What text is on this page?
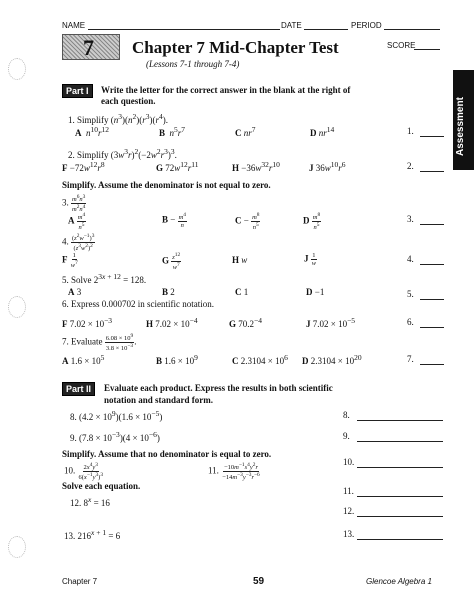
NAME	DATE	PERIOD
7 Chapter 7 Mid-Chapter Test
(Lessons 7-1 through 7-4)
SCORE
Assessment
Part I	Write the letter for the correct answer in the blank at the right of
each question.
1. Simplify $(n^3)(n^2)(r^3)(r^4)$.
A $n^{10}r^{12}$	B $n^5r^7$	C $nr^7$	D $nr^{14}$	1.
2. Simplify $(3w^3r)^2(-2w^2r^3)^3$.
$F -72w^{12}r^8$	G $72w^{12}r^{11}$	$H -36w^{32}r^{10}$	J $36w^{10}r^6$	2.
Simplify. Assume the denominator is not equal to zero.
3. $\frac{m^6n^3}{m^2n^4}$
A $\frac{m^4}{n^5}$	$B - \frac{m^4}{n}$	$C - \frac{m^8}{n^5}$	D $\frac{m^8}{n^5}$	3.
4. $\frac{(z^2w^{-1})^3}{(z^3w^2)^2}$
F $\frac{1}{w^7}$	G $\frac{z^{12}}{w^7}$	H w	J $\frac{1}{w}$	4.
5. Solve $2^{3x + 12} = 128$.
A 3	B 2	C 1	D −1	5.
6. Express 0.000702 in scientific notation.
F $7.02 \times 10^{-3}$	H $7.02 \times 10^{-4}$	G $70.2^{-4}$	J $7.02 \times 10^{-5}$	6.
7. Evaluate $\frac{6.08 \times 10^9}{3.8 \times 10^{-3}}$ .
A $1.6 \times 10^5$	B $1.6 \times 10^9$	C $2.3104 \times 10^6$ D $2.3104 \times 10^{20}$	7.
Part II	Evaluate each product. Express the results in both scientific
notation and standard form.
8. $(4.2 \times 10^9)(1.6 \times 10^{-5})$	8.
9. $(7.8 \times 10^{-3})(4 \times 10^{-6})$	9.
Simplify. Assume that no denominator is equal to zero.
10. $\frac{2x^4y^3}{6(x^{-1}y^3)^3}$	11. $\frac{-10m^{-1}s^4y^2r}{-14m^{-3}y^{-3}r^{-6}}$	10.
Solve each equation.	11.
12. $8^x = 16$
12.
13. $216^{x + 1} = 6$	13.
Chapter 7	59	Glencoe Algebra 1
